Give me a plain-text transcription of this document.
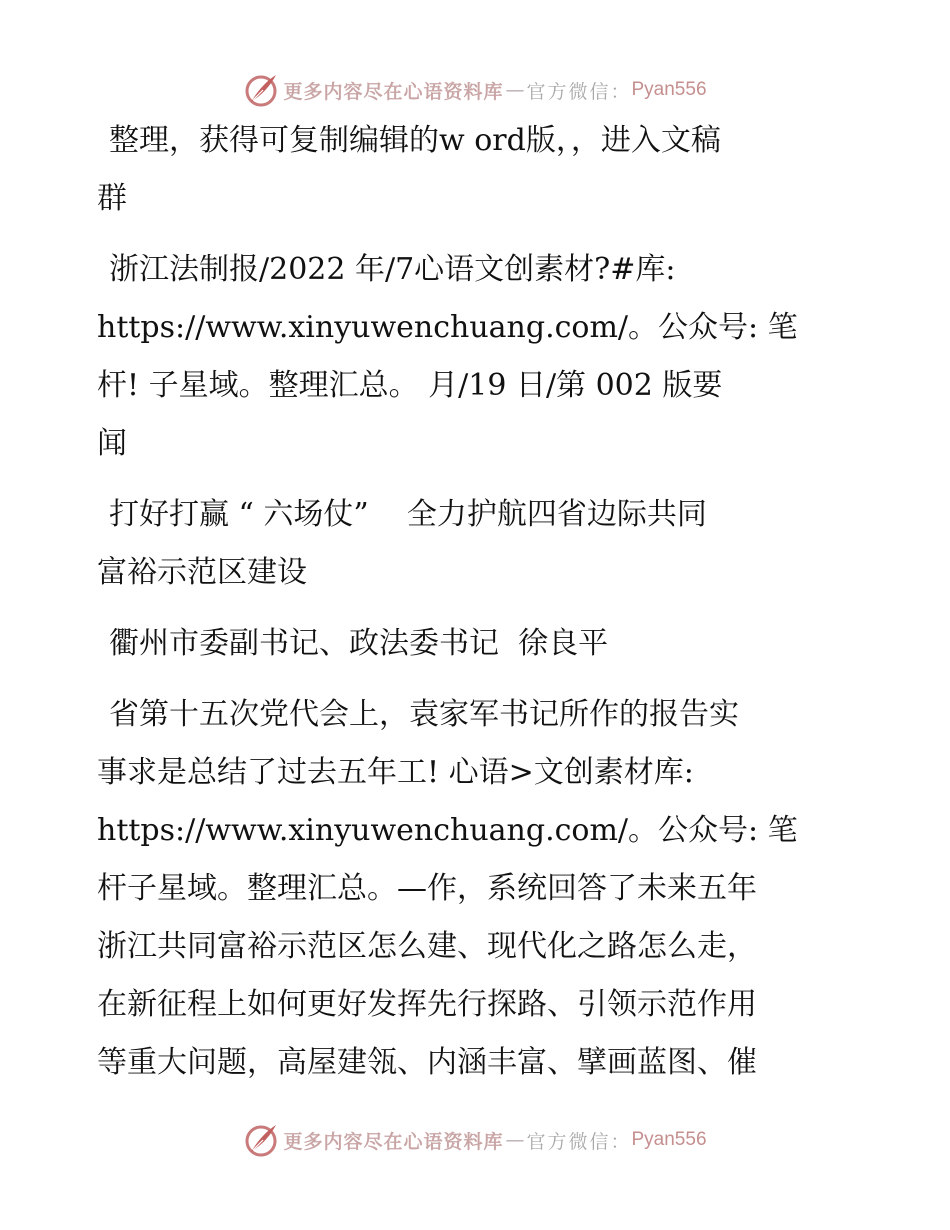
更多内容尽在心语资料库 — 官方微信： Pyan556
整理，获得可复制编辑的w ord版，，进入文稿
群
浙江法制报/2022 年/7心语文创素材?#库:
https://www.xinyuwenchuang.com/。公众号: 笔
杆! 子星域。整理汇总。 月/19 日/第 002 版要
闻
打好打赢 “ 六场仗”    全力护航四省边际共同
富裕示范区建设
衢州市委副书记、政法委书记  徐良平
省第十五次党代会上，袁家军书记所作的报告实
事求是总结了过去五年工! 心语>文创素材库:
https://www.xinyuwenchuang.com/。公众号: 笔
杆子星域。整理汇总。—作，系统回答了未来五年
浙江共同富裕示范区怎么建、现代化之路怎么走，
在新征程上如何更好发挥先行探路、引领示范作用
等重大问题，高屋建瓴、内涵丰富、擘画蓝图、催
更多内容尽在心语资料库 — 官方微信： Pyan556
